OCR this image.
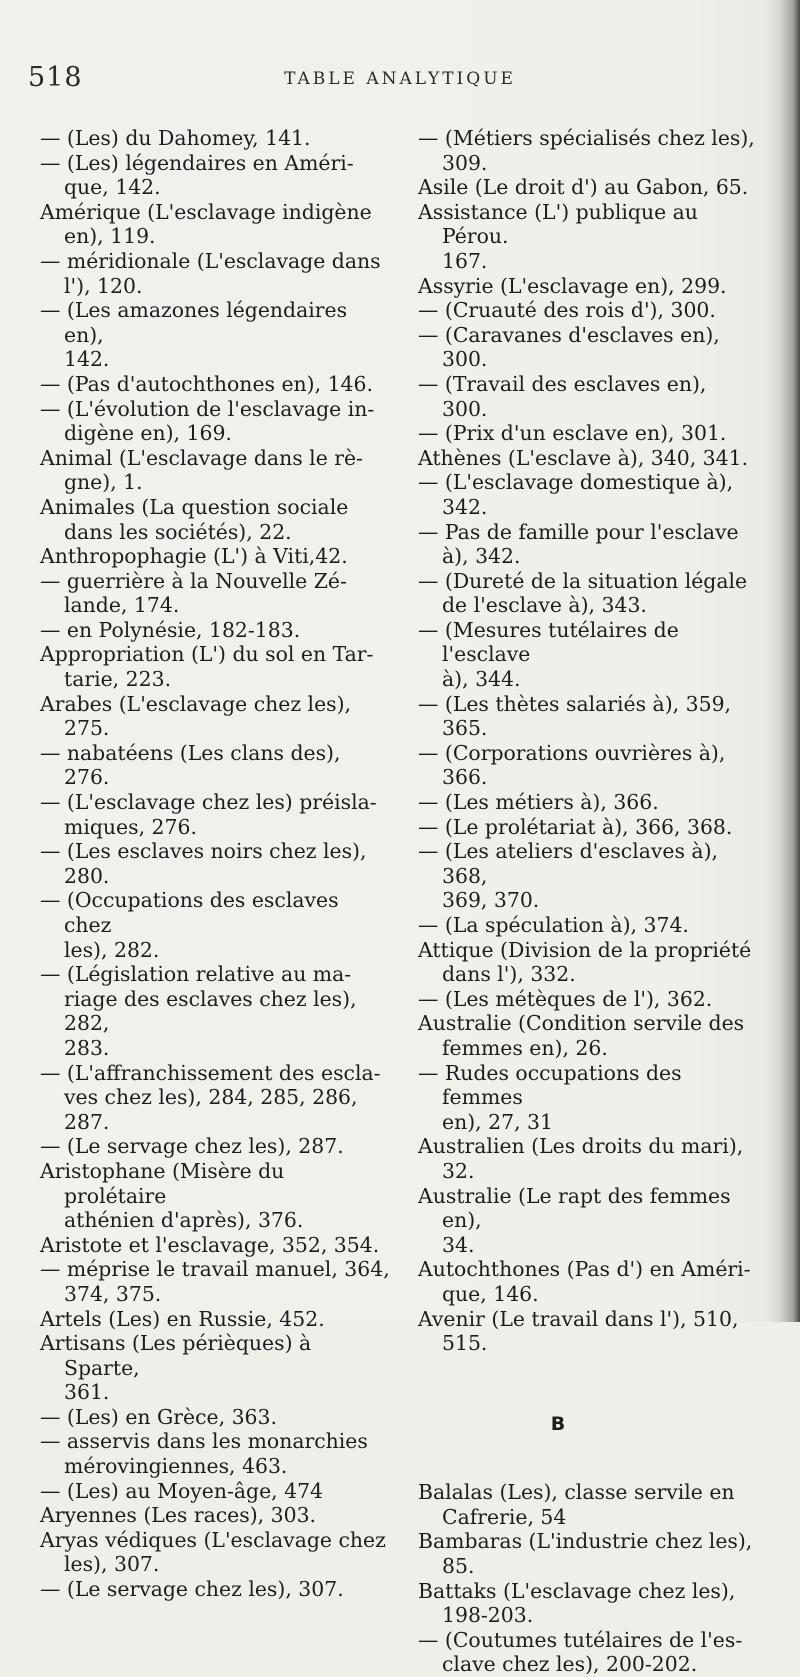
518	TABLE ANALYTIQUE

— (Les) du Dahomey, 141.

— (Les) légendaires en Améri-
que, 142.

Amérique (L'esclavage indigène
en), 119.

— méridionale (L'esclavage dans
l'), 120.

— (Les amazones légendaires en),
142.

— (Pas d'autochthones en), 146.

— (L'évolution de l'esclavage in-
digène en), 169.

Animal (L'esclavage dans le rè-
gne), 1.

Animales (La question sociale
dans les sociétés), 22.

Anthropophagie (L') à Viti,42.

— guerrière à la Nouvelle Zé-
lande, 174.

— en Polynésie, 182-183.

Appropriation (L') du sol en Tar-
tarie, 223.

Arabes (L'esclavage chez les), 275.

— nabatéens (Les clans des), 276.

— (L'esclavage chez les) préisla-
miques, 276.

— (Les esclaves noirs chez les),
280.

— (Occupations des esclaves chez
les), 282.

— (Législation relative au ma-
riage des esclaves chez les), 282,
283.

— (L'affranchissement des escla-
ves chez les), 284, 285, 286, 287.

— (Le servage chez les), 287.

Aristophane (Misère du prolétaire
athénien d'après), 376.

Aristote et l'esclavage, 352, 354.

— méprise le travail manuel, 364,
374, 375.

Artels (Les) en Russie, 452.

Artisans (Les périèques) à Sparte,
361.

— (Les) en Grèce, 363.

— asservis dans les monarchies
mérovingiennes, 463.

— (Les) au Moyen-âge, 474

Aryennes (Les races), 303.

Aryas védiques (L'esclavage chez
les), 307.

— (Le servage chez les), 307.

— (Métiers spécialisés chez les),
309.

Asile (Le droit d') au Gabon, 65.

Assistance (L') publique au Pérou.
167.

Assyrie (L'esclavage en), 299.

— (Cruauté des rois d'), 300.

— (Caravanes d'esclaves en), 300.

— (Travail des esclaves en), 300.

— (Prix d'un esclave en), 301.

Athènes (L'esclave à), 340, 341.

— (L'esclavage domestique à),
342.

— Pas de famille pour l'esclave
à), 342.

— (Dureté de la situation légale
de l'esclave à), 343.

— (Mesures tutélaires de l'esclave
à), 344.

— (Les thètes salariés à), 359, 365.

— (Corporations ouvrières à), 366.

— (Les métiers à), 366.

— (Le prolétariat à), 366, 368.

— (Les ateliers d'esclaves à), 368,
369, 370.

— (La spéculation à), 374.

Attique (Division de la propriété
dans l'), 332.

— (Les métèques de l'), 362.

Australie (Condition servile des
femmes en), 26.

— Rudes occupations des femmes
en), 27, 31

Australien (Les droits du mari), 32.

Australie (Le rapt des femmes en),
34.

Autochthones (Pas d') en Améri-
que, 146.

Avenir (Le travail dans l'), 510,
515.

B

Balalas (Les), classe servile en
Cafrerie, 54

Bambaras (L'industrie chez les),
85.

Battaks (L'esclavage chez les),
198-203.

— (Coutumes tutélaires de l'es-
clave chez les), 200-202.
